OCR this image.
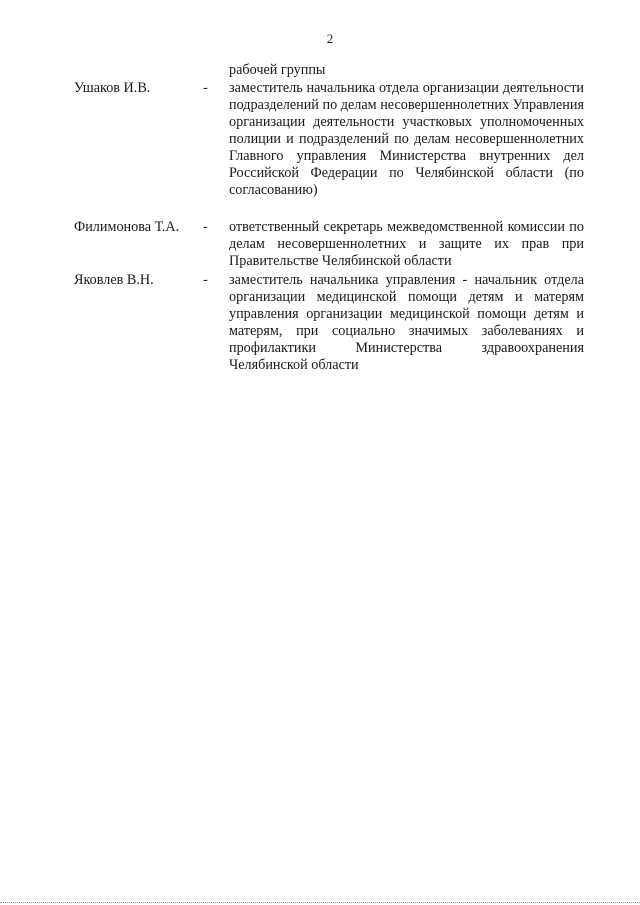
2
рабочей группы
Ушаков И.В.	- заместитель начальника отдела организации деятельности подразделений по делам несовершеннолетних Управления организации деятельности участковых уполномоченных полиции и подразделений по делам несовершеннолетних Главного управления Министерства внутренних дел Российской Федерации по Челябинской области (по согласованию)
Филимонова Т.А. - ответственный секретарь межведомственной комиссии по делам несовершеннолетних и защите их прав при Правительстве Челябинской области
Яковлев В.Н.	- заместитель начальника управления - начальник отдела организации медицинской помощи детям и матерям управления организации медицинской помощи детям и матерям, при социально значимых заболеваниях и профилактики Министерства здравоохранения Челябинской области
